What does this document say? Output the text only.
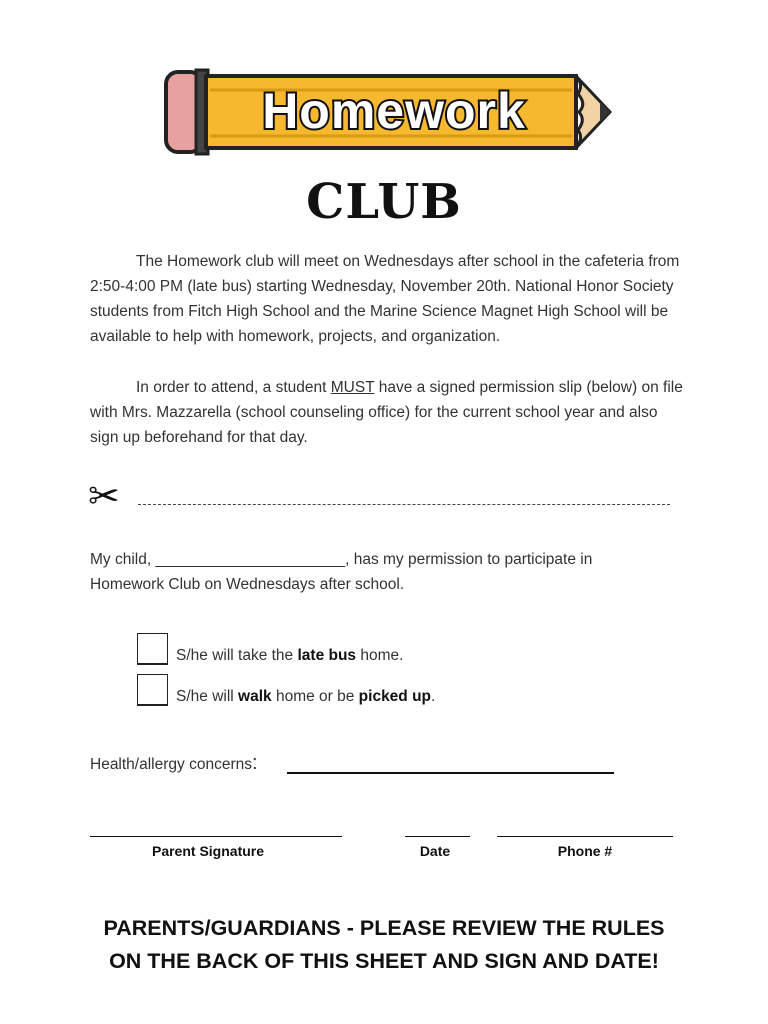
Homework
CLUB
The Homework club will meet on Wednesdays after school in the cafeteria from 2:50-4:00 PM (late bus) starting Wednesday, November 20th. National Honor Society students from Fitch High School and the Marine Science Magnet High School will be available to help with homework, projects, and organization.
In order to attend, a student MUST have a signed permission slip (below) on file with Mrs. Mazzarella (school counseling office) for the current school year and also sign up beforehand for that day.
✂
My child, ______________________, has my permission to participate in
Homework Club on Wednesdays after school.
S/he will take the late bus home.
S/he will walk home or be picked up.
Health/allergy concerns:
Parent Signature	Date	Phone #
PARENTS/GUARDIANS - PLEASE REVIEW THE RULES
ON THE BACK OF THIS SHEET AND SIGN AND DATE!
